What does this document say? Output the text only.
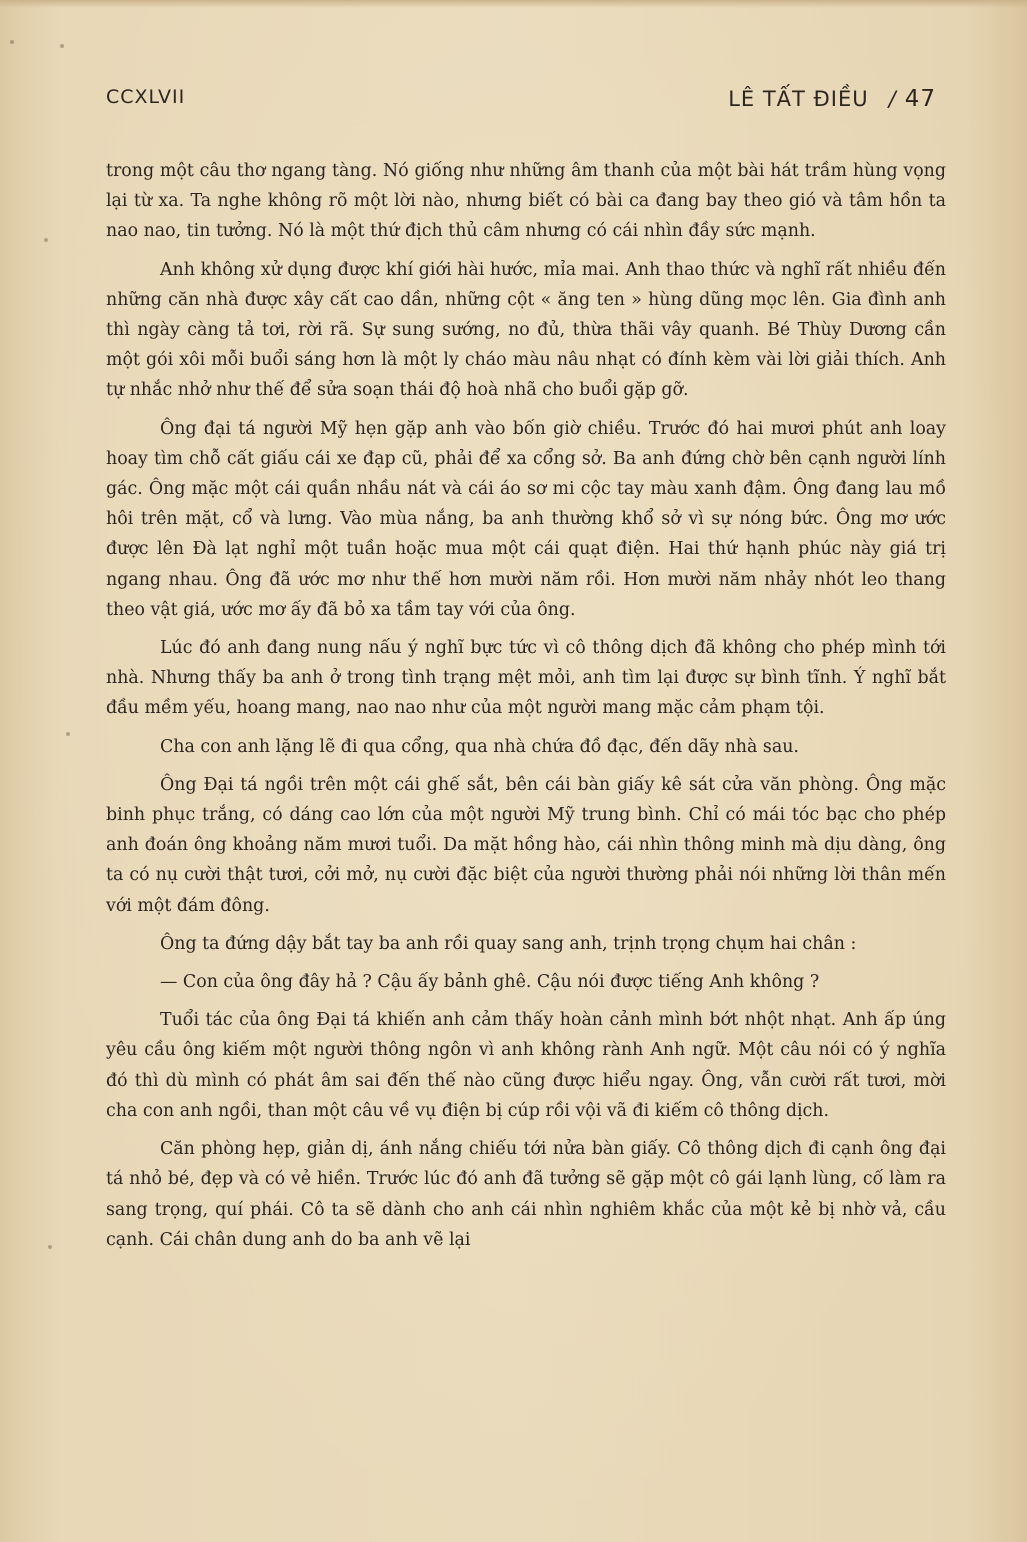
CCXLVII	LÊ TẤT ĐIỀU / 47

trong một câu thơ ngang tàng. Nó giống như những âm thanh của một bài hát trầm hùng vọng lại từ xa. Ta nghe không rõ một lời nào, nhưng biết có bài ca đang bay theo gió và tâm hồn ta nao nao, tin tưởng. Nó là một thứ địch thủ câm nhưng có cái nhìn đầy sức mạnh.

Anh không xử dụng được khí giới hài hước, mỉa mai. Anh thao thức và nghĩ rất nhiều đến những căn nhà được xây cất cao dần, những cột « ăng ten » hùng dũng mọc lên. Gia đình anh thì ngày càng tả tơi, rời rã. Sự sung sướng, no đủ, thừa thãi vây quanh. Bé Thùy Dương cần một gói xôi mỗi buổi sáng hơn là một ly cháo màu nâu nhạt có đính kèm vài lời giải thích. Anh tự nhắc nhở như thế để sửa soạn thái độ hoà nhã cho buổi gặp gỡ.

Ông đại tá người Mỹ hẹn gặp anh vào bốn giờ chiều. Trước đó hai mươi phút anh loay hoay tìm chỗ cất giấu cái xe đạp cũ, phải để xa cổng sở. Ba anh đứng chờ bên cạnh người lính gác. Ông mặc một cái quần nhầu nát và cái áo sơ mi cộc tay màu xanh đậm. Ông đang lau mồ hôi trên mặt, cổ và lưng. Vào mùa nắng, ba anh thường khổ sở vì sự nóng bức. Ông mơ ước được lên Đà lạt nghỉ một tuần hoặc mua một cái quạt điện. Hai thứ hạnh phúc này giá trị ngang nhau. Ông đã ước mơ như thế hơn mười năm rồi. Hơn mười năm nhảy nhót leo thang theo vật giá, ước mơ ấy đã bỏ xa tầm tay với của ông.

Lúc đó anh đang nung nấu ý nghĩ bực tức vì cô thông dịch đã không cho phép mình tới nhà. Nhưng thấy ba anh ở trong tình trạng mệt mỏi, anh tìm lại được sự bình tĩnh. Ý nghĩ bắt đầu mềm yếu, hoang mang, nao nao như của một người mang mặc cảm phạm tội.

Cha con anh lặng lẽ đi qua cổng, qua nhà chứa đồ đạc, đến dãy nhà sau.

Ông Đại tá ngồi trên một cái ghế sắt, bên cái bàn giấy kê sát cửa văn phòng. Ông mặc binh phục trắng, có dáng cao lớn của một người Mỹ trung bình. Chỉ có mái tóc bạc cho phép anh đoán ông khoảng năm mươi tuổi. Da mặt hồng hào, cái nhìn thông minh mà dịu dàng, ông ta có nụ cười thật tươi, cởi mở, nụ cười đặc biệt của người thường phải nói những lời thân mến với một đám đông.

Ông ta đứng dậy bắt tay ba anh rồi quay sang anh, trịnh trọng chụm hai chân :

— Con của ông đây hả ? Cậu ấy bảnh ghê. Cậu nói được tiếng Anh không ?

Tuổi tác của ông Đại tá khiến anh cảm thấy hoàn cảnh mình bớt nhột nhạt. Anh ấp úng yêu cầu ông kiếm một người thông ngôn vì anh không rành Anh ngữ. Một câu nói có ý nghĩa đó thì dù mình có phát âm sai đến thế nào cũng được hiểu ngay. Ông, vẫn cười rất tươi, mời cha con anh ngồi, than một câu về vụ điện bị cúp rồi vội vã đi kiếm cô thông dịch.

Căn phòng hẹp, giản dị, ánh nắng chiếu tới nửa bàn giấy. Cô thông dịch đi cạnh ông đại tá nhỏ bé, đẹp và có vẻ hiền. Trước lúc đó anh đã tưởng sẽ gặp một cô gái lạnh lùng, cố làm ra sang trọng, quí phái. Cô ta sẽ dành cho anh cái nhìn nghiêm khắc của một kẻ bị nhờ vả, cầu cạnh. Cái chân dung anh do ba anh vẽ lại
